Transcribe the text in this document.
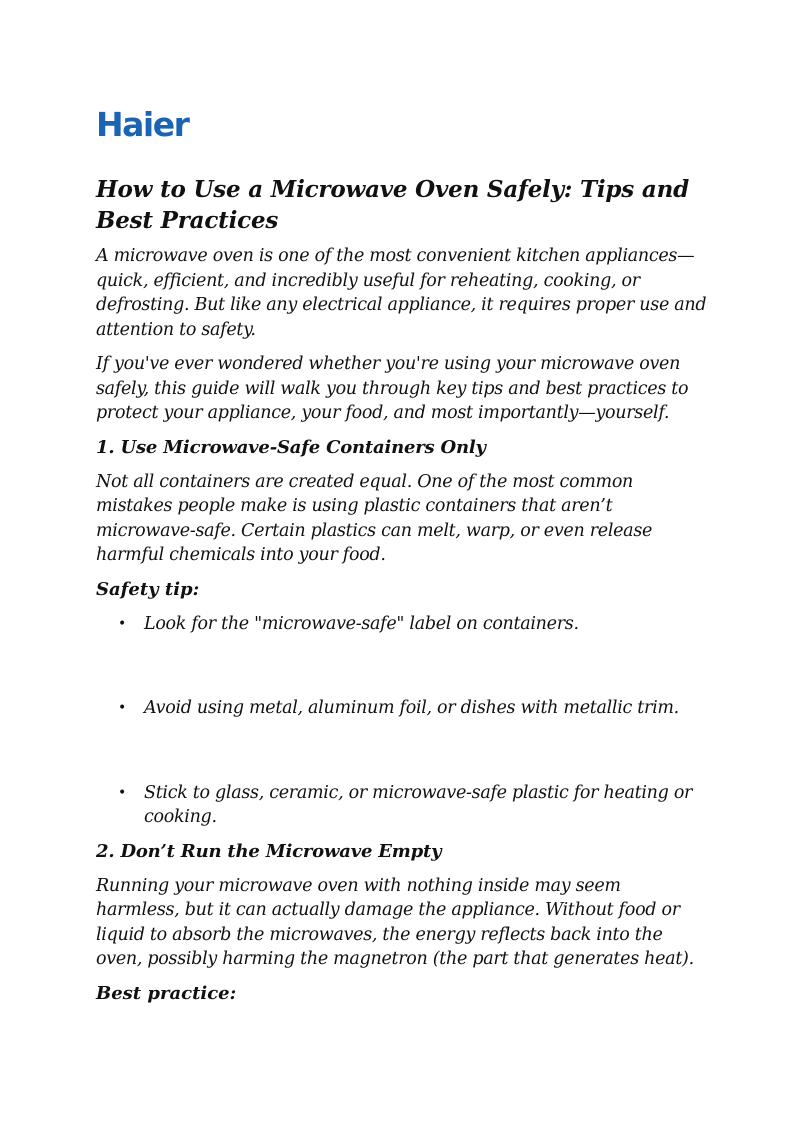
Haier
How to Use a Microwave Oven Safely: Tips and Best Practices

A microwave oven is one of the most convenient kitchen appliances—quick, efficient, and incredibly useful for reheating, cooking, or defrosting. But like any electrical appliance, it requires proper use and attention to safety.

If you've ever wondered whether you're using your microwave oven safely, this guide will walk you through key tips and best practices to protect your appliance, your food, and most importantly—yourself.

1. Use Microwave-Safe Containers Only

Not all containers are created equal. One of the most common mistakes people make is using plastic containers that aren’t microwave-safe. Certain plastics can melt, warp, or even release harmful chemicals into your food.

Safety tip:
• Look for the "microwave-safe" label on containers.
• Avoid using metal, aluminum foil, or dishes with metallic trim.
• Stick to glass, ceramic, or microwave-safe plastic for heating or cooking.
2. Don’t Run the Microwave Empty

Running your microwave oven with nothing inside may seem harmless, but it can actually damage the appliance. Without food or liquid to absorb the microwaves, the energy reflects back into the oven, possibly harming the magnetron (the part that generates heat).

Best practice:
